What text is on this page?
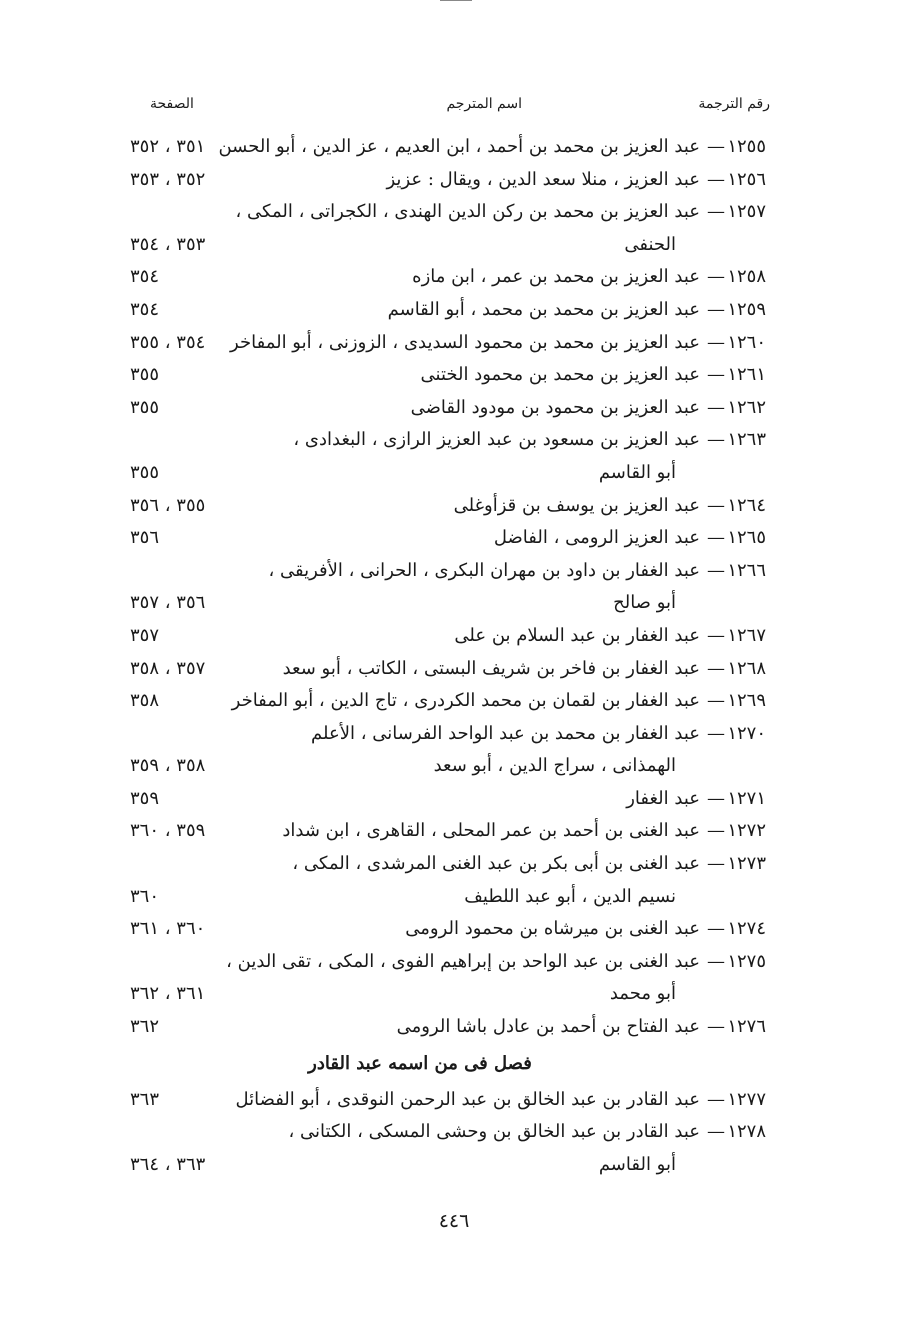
رقم الترجمة
اسم المترجم
الصفحة
١٢٥٥
—
عبد العزيز بن محمد بن أحمد ، ابن العديم ، عز الدين ، أبو الحسن
٣٥١ ، ٣٥٢
١٢٥٦
—
عبد العزيز ، منلا سعد الدين ، ويقال : عزيز
٣٥٢ ، ٣٥٣
١٢٥٧
—
عبد العزيز بن محمد بن ركن الدين الهندى ، الكجراتى ، المكى ،
الحنفى
٣٥٣ ، ٣٥٤
١٢٥٨
—
عبد العزيز بن محمد بن عمر ، ابن مازه
٣٥٤
١٢٥٩
—
عبد العزيز بن محمد بن محمد ، أبو القاسم
٣٥٤
١٢٦٠
—
عبد العزيز بن محمد بن محمود السديدى ، الزوزنى ، أبو المفاخر
٣٥٤ ، ٣٥٥
١٢٦١
—
عبد العزيز بن محمد بن محمود الختنى
٣٥٥
١٢٦٢
—
عبد العزيز بن محمود بن مودود القاضى
٣٥٥
١٢٦٣
—
عبد العزيز بن مسعود بن عبد العزيز الرازى ، البغدادى ،
أبو القاسم
٣٥٥
١٢٦٤
—
عبد العزيز بن يوسف بن قزأوغلى
٣٥٥ ، ٣٥٦
١٢٦٥
—
عبد العزيز الرومى ، الفاضل
٣٥٦
١٢٦٦
—
عبد الغفار بن داود بن مهران البكرى ، الحرانى ، الأفريقى ،
أبو صالح
٣٥٦ ، ٣٥٧
١٢٦٧
—
عبد الغفار بن عبد السلام بن على
٣٥٧
١٢٦٨
—
عبد الغفار بن فاخر بن شريف البستى ، الكاتب ، أبو سعد
٣٥٧ ، ٣٥٨
١٢٦٩
—
عبد الغفار بن لقمان بن محمد الكردرى ، تاج الدين ، أبو المفاخر
٣٥٨
١٢٧٠
—
عبد الغفار بن محمد بن عبد الواحد الفرسانى ، الأعلم
الهمذانى ، سراج الدين ، أبو سعد
٣٥٨ ، ٣٥٩
١٢٧١
—
عبد الغفار
٣٥٩
١٢٧٢
—
عبد الغنى بن أحمد بن عمر المحلى ، القاهرى ، ابن شداد
٣٥٩ ، ٣٦٠
١٢٧٣
—
عبد الغنى بن أبى بكر بن عبد الغنى المرشدى ، المكى ،
نسيم الدين ، أبو عبد اللطيف
٣٦٠
١٢٧٤
—
عبد الغنى بن ميرشاه بن محمود الرومى
٣٦٠ ، ٣٦١
١٢٧٥
—
عبد الغنى بن عبد الواحد بن إبراهيم الفوى ، المكى ، تقى الدين ،
أبو محمد
٣٦١ ، ٣٦٢
١٢٧٦
—
عبد الفتاح بن أحمد بن عادل باشا الرومى
٣٦٢
فصل فى من اسمه عبد القادر
١٢٧٧
—
عبد القادر بن عبد الخالق بن عبد الرحمن النوقدى ، أبو الفضائل
٣٦٣
١٢٧٨
—
عبد القادر بن عبد الخالق بن وحشى المسكى ، الكتانى ،
أبو القاسم
٣٦٣ ، ٣٦٤
٤٤٦
